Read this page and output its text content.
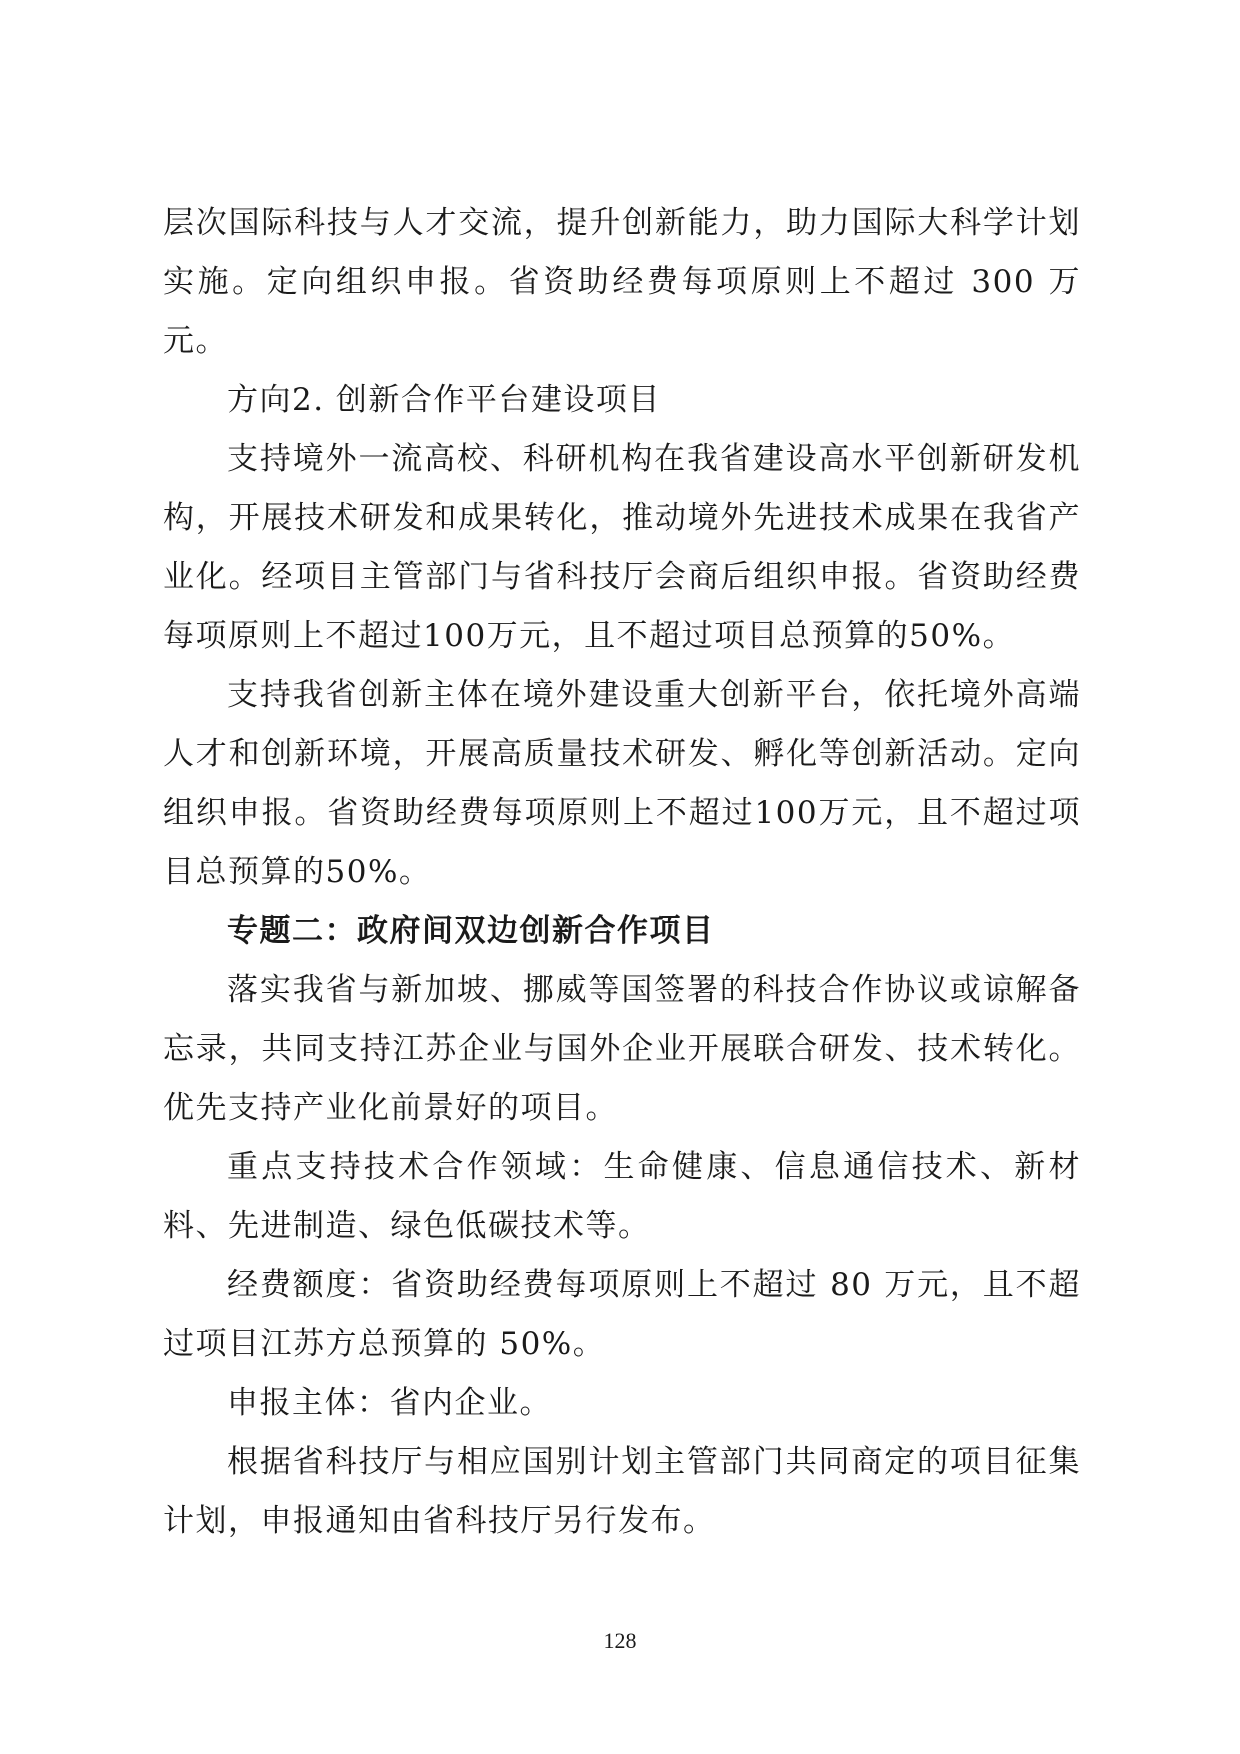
层次国际科技与人才交流，提升创新能力，助力国际大科学计划实施。定向组织申报。省资助经费每项原则上不超过 300 万元。

方向2. 创新合作平台建设项目

支持境外一流高校、科研机构在我省建设高水平创新研发机构，开展技术研发和成果转化，推动境外先进技术成果在我省产业化。经项目主管部门与省科技厅会商后组织申报。省资助经费每项原则上不超过100万元，且不超过项目总预算的50%。

支持我省创新主体在境外建设重大创新平台，依托境外高端人才和创新环境，开展高质量技术研发、孵化等创新活动。定向组织申报。省资助经费每项原则上不超过100万元，且不超过项目总预算的50%。

专题二：政府间双边创新合作项目

落实我省与新加坡、挪威等国签署的科技合作协议或谅解备忘录，共同支持江苏企业与国外企业开展联合研发、技术转化。优先支持产业化前景好的项目。

重点支持技术合作领域：生命健康、信息通信技术、新材料、先进制造、绿色低碳技术等。

经费额度：省资助经费每项原则上不超过 80 万元，且不超过项目江苏方总预算的 50%。

申报主体：省内企业。

根据省科技厅与相应国别计划主管部门共同商定的项目征集计划，申报通知由省科技厅另行发布。

128
